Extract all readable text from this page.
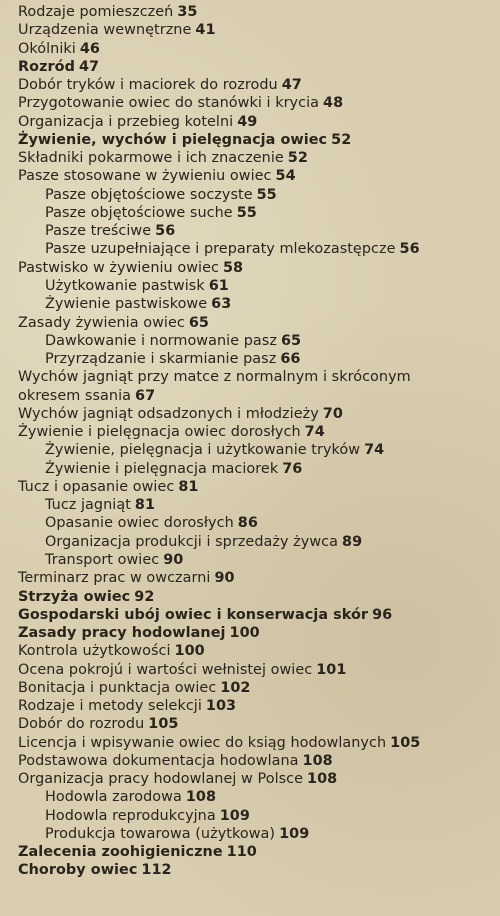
Rodzaje pomieszczeń 35
Urządzenia wewnętrzne 41
Okólniki 46
Rozród 47
Dobór tryków i maciorek do rozrodu 47
Przygotowanie owiec do stanówki i krycia 48
Organizacja i przebieg kotelni 49
Żywienie, wychów i pielęgnacja owiec 52
Składniki pokarmowe i ich znaczenie 52
Pasze stosowane w żywieniu owiec 54
Pasze objętościowe soczyste 55
Pasze objętościowe suche 55
Pasze treściwe 56
Pasze uzupełniające i preparaty mlekozastępcze 56
Pastwisko w żywieniu owiec 58
Użytkowanie pastwisk 61
Żywienie pastwiskowe 63
Zasady żywienia owiec 65
Dawkowanie i normowanie pasz 65
Przyrządzanie i skarmianie pasz 66
Wychów jagniąt przy matce z normalnym i skróconym
okresem ssania 67
Wychów jagniąt odsadzonych i młodzieży 70
Żywienie i pielęgnacja owiec dorosłych 74
Żywienie, pielęgnacja i użytkowanie tryków 74
Żywienie i pielęgnacja maciorek 76
Tucz i opasanie owiec 81
Tucz jagniąt 81
Opasanie owiec dorosłych 86
Organizacja produkcji i sprzedaży żywca 89
Transport owiec 90
Terminarz prac w owczarni 90
Strzyża owiec 92
Gospodarski ubój owiec i konserwacja skór 96
Zasady pracy hodowlanej 100
Kontrola użytkowości 100
Ocena pokrojú i wartości wełnistej owiec 101
Bonitacja i punktacja owiec 102
Rodzaje i metody selekcji 103
Dobór do rozrodu 105
Licencja i wpisywanie owiec do ksiąg hodowlanych 105
Podstawowa dokumentacja hodowlana 108
Organizacja pracy hodowlanej w Polsce 108
Hodowla zarodowa 108
Hodowla reprodukcyjna 109
Produkcja towarowa (użytkowa) 109
Zalecenia zoohigieniczne 110
Choroby owiec 112
